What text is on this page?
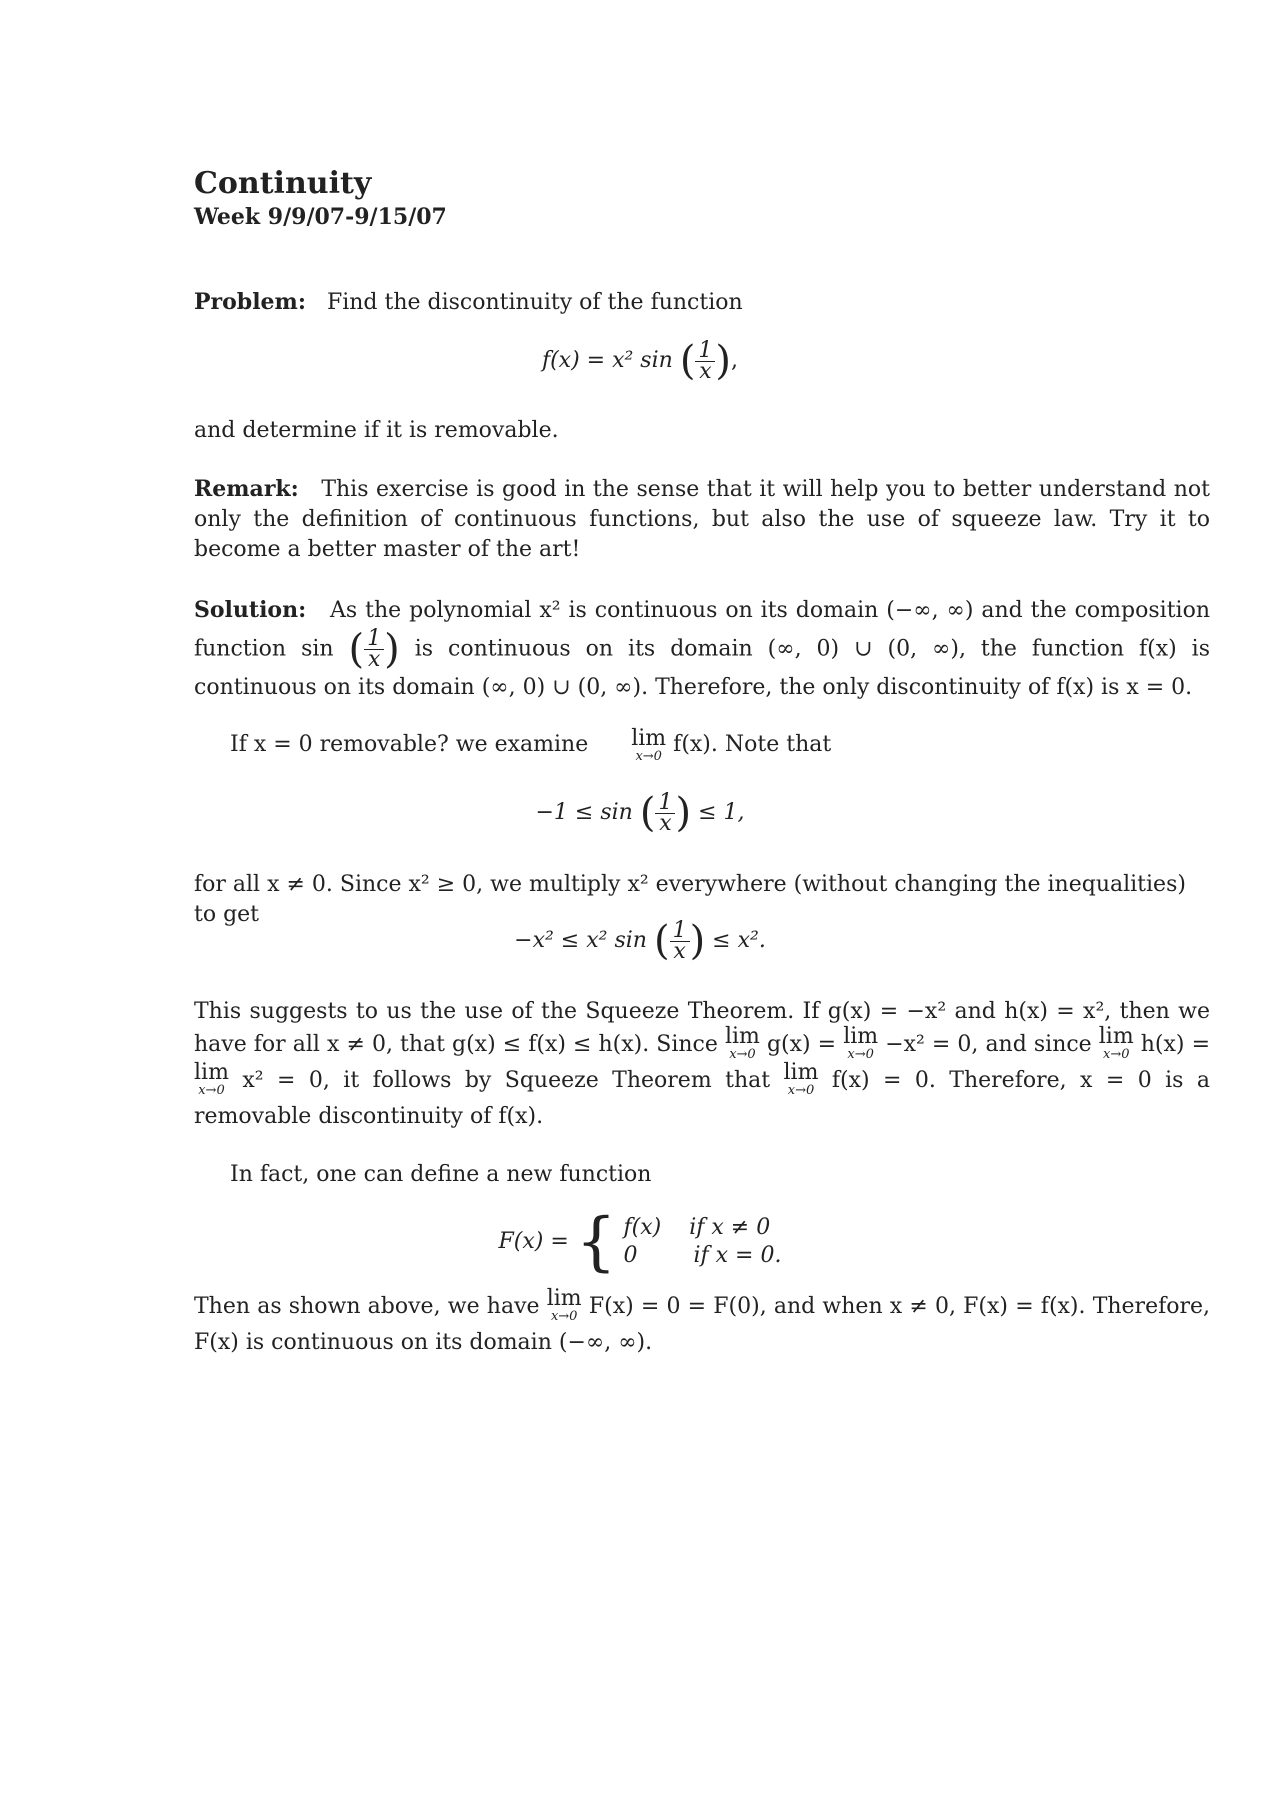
Continuity
Week 9/9/07-9/15/07
Problem: Find the discontinuity of the function
f(x) = x² sin ( $\frac{1}{x}$ ),
and determine if it is removable.
Remark: This exercise is good in the sense that it will help you to better understand not only the definition of continuous functions, but also the use of squeeze law. Try it to become a better master of the art!
Solution: As the polynomial x² is continuous on its domain (−∞, ∞) and the composition function sin ( $\frac{1}{x}$ ) is continuous on its domain (∞, 0) ∪ (0, ∞), the function f(x) is continuous on its domain (∞, 0) ∪ (0, ∞). Therefore, the only discontinuity of f(x) is x = 0.
If x = 0 removable? we examine lim
x→0 f(x). Note that
−1 ≤ sin ( $\frac{1}{x}$ ) ≤ 1,
for all x ≠ 0. Since x² ≥ 0, we multiply x² everywhere (without changing the inequalities) to get
−x² ≤ x² sin ( $\frac{1}{x}$ ) ≤ x².
This suggests to us the use of the Squeeze Theorem. If g(x) = −x² and h(x) = x², then we have for all x ≠ 0, that g(x) ≤ f(x) ≤ h(x). Since lim
x→0 g(x) = lim
x→0 −x² = 0, and since lim
x→0 h(x) = lim
x→0 x² = 0, it follows by Squeeze Theorem that lim
x→0 f(x) = 0. Therefore, x = 0 is a removable discontinuity of f(x).
In fact, one can define a new function
F(x) = { f(x) if x ≠ 0
0	if x = 0.
Then as shown above, we have lim
x→0 F(x) = 0 = F(0), and when x ≠ 0, F(x) = f(x). Therefore, F(x) is continuous on its domain (−∞, ∞).
